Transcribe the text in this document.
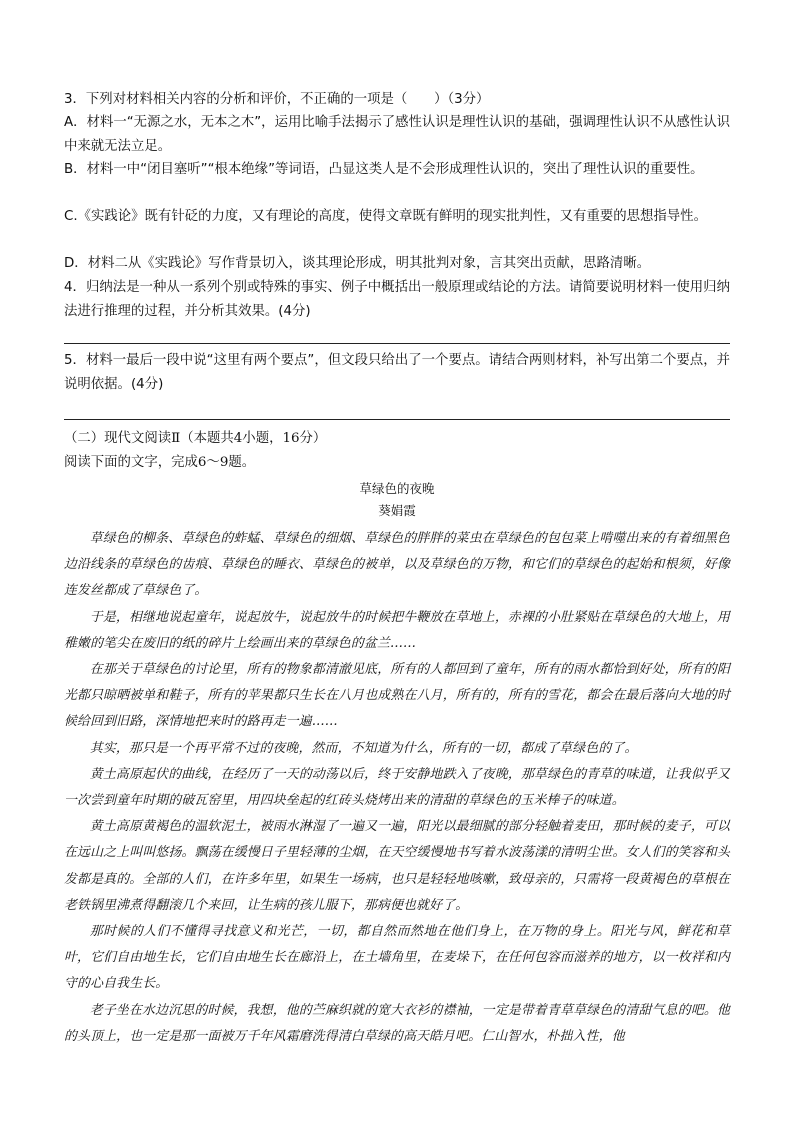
3．下列对材料相关内容的分析和评价，不正确的一项是（　　）（3分）

A．材料一“无源之水，无本之木”，运用比喻手法揭示了感性认识是理性认识的基础，强调理性认识不从感性认识中来就无法立足。

B．材料一中“闭目塞听”“根本绝缘”等词语，凸显这类人是不会形成理性认识的，突出了理性认识的重要性。

C.《实践论》既有针砭的力度，又有理论的高度，使得文章既有鲜明的现实批判性，又有重要的思想指导性。

D．材料二从《实践论》写作背景切入，谈其理论形成，明其批判对象，言其突出贡献，思路清晰。

4．归纳法是一种从一系列个别或特殊的事实、例子中概括出一般原理或结论的方法。请简要说明材料一使用归纳法进行推理的过程，并分析其效果。(4分)

5．材料一最后一段中说“这里有两个要点”，但文段只给出了一个要点。请结合两则材料，补写出第二个要点，并说明依据。(4分)

（二）现代文阅读Ⅱ（本题共4小题，16分）

阅读下面的文字，完成6～9题。

草绿色的夜晚

葵娟霞

草绿色的柳条、草绿色的蚱蜢、草绿色的细烟、草绿色的胖胖的菜虫在草绿色的包包菜上啃噬出来的有着细黑色边沿线条的草绿色的齿痕、草绿色的睡衣、草绿色的被单，以及草绿色的万物，和它们的草绿色的起始和根须，好像连发丝都成了草绿色了。

于是，相继地说起童年，说起放牛，说起放牛的时候把牛鞭放在草地上，赤裸的小肚紧贴在草绿色的大地上，用稚嫩的笔尖在废旧的纸的碎片上绘画出来的草绿色的盆兰……

在那关于草绿色的讨论里，所有的物象都清澈见底，所有的人都回到了童年，所有的雨水都恰到好处，所有的阳光都只晾晒被单和鞋子，所有的苹果都只生长在八月也成熟在八月，所有的，所有的雪花，都会在最后落向大地的时候给回到旧路，深情地把来时的路再走一遍……

其实，那只是一个再平常不过的夜晚，然而，不知道为什么，所有的一切，都成了草绿色的了。

黄土高原起伏的曲线，在经历了一天的动荡以后，终于安静地跌入了夜晚，那草绿色的青草的味道，让我似乎又一次尝到童年时期的破瓦窑里，用四块垒起的红砖头烧烤出来的清甜的草绿色的玉米棒子的味道。

黄土高原黄褐色的温软泥土，被雨水淋湿了一遍又一遍，阳光以最细腻的部分轻触着麦田，那时候的麦子，可以在远山之上叫叫悠扬。飘荡在缓慢日子里轻薄的尘烟，在天空缓慢地书写着水波荡漾的清明尘世。女人们的笑容和头发都是真的。全部的人们，在许多年里，如果生一场病，也只是轻轻地咳嗽，致母亲的，只需将一段黄褐色的草根在老铁锅里沸煮得翻滚几个来回，让生病的孩儿服下，那病便也就好了。

那时候的人们不懂得寻找意义和光芒，一切，都自然而然地在他们身上，在万物的身上。阳光与风，鲜花和草叶，它们自由地生长，它们自由地生长在廊沿上，在土墙角里，在麦垛下，在任何包容而滋养的地方，以一枚祥和内守的心自我生长。

老子坐在水边沉思的时候，我想，他的苎麻织就的宽大衣衫的襟袖，一定是带着青草草绿色的清甜气息的吧。他的头顶上，也一定是那一面被万千年风霜磨洗得清白草绿的高天皓月吧。仁山智水，朴拙入性，他
